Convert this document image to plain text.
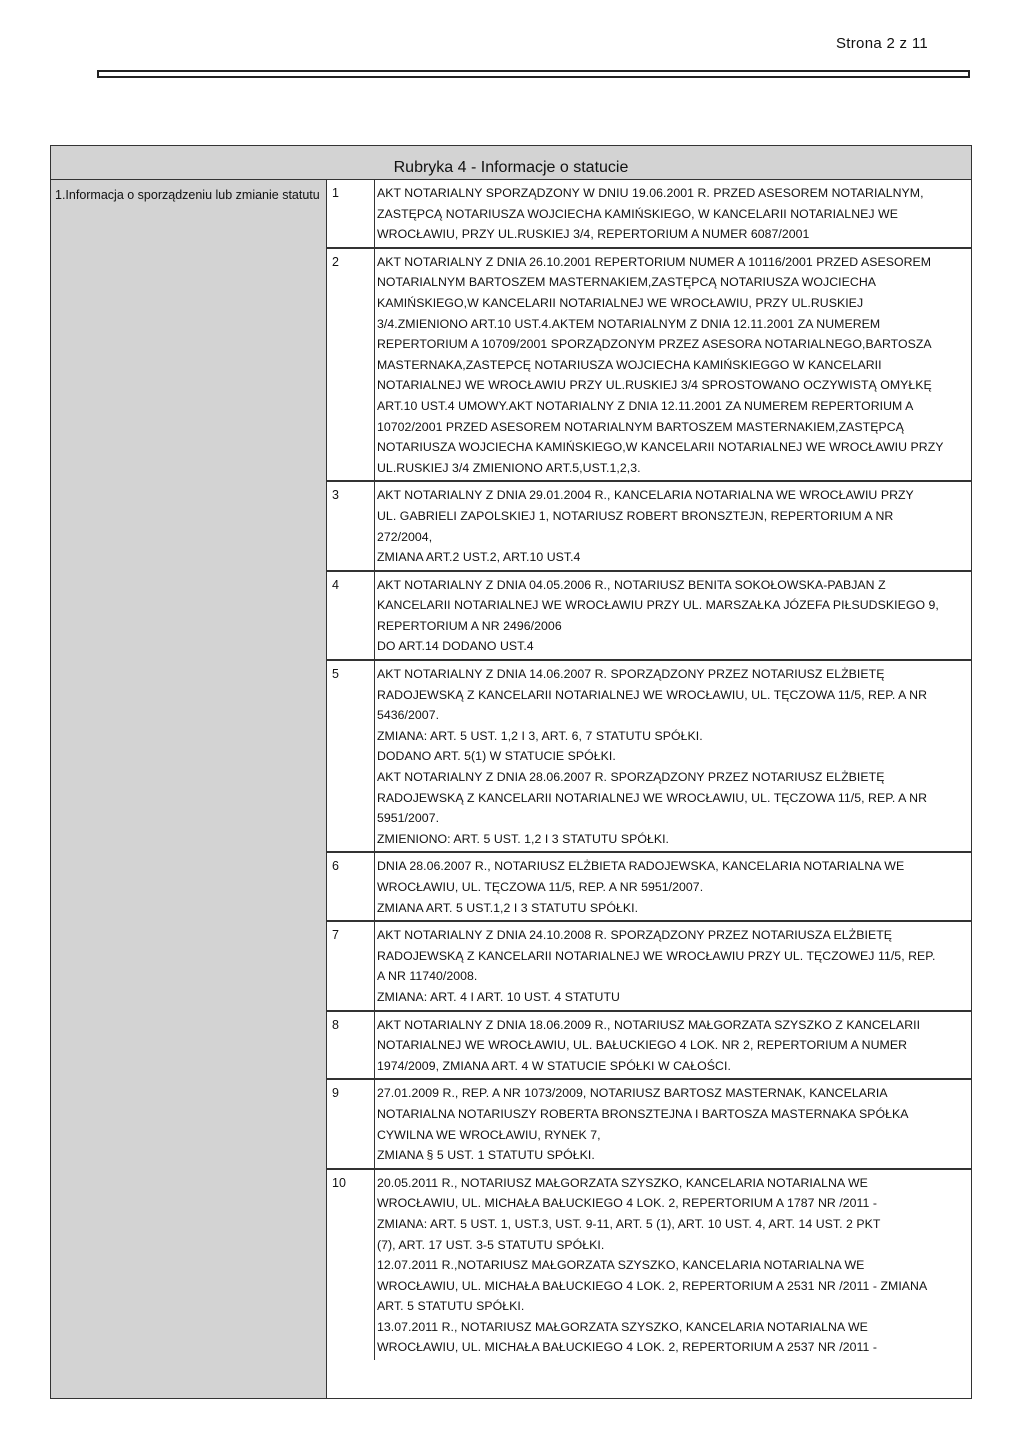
Strona 2 z 11
Rubryka 4 - Informacje o statucie
1.Informacja o sporządzeniu lub zmianie statutu 1	AKT NOTARIALNY SPORZĄDZONY W DNIU 19.06.2001 R. PRZED ASESOREM NOTARIALNYM,
ZASTĘPCĄ NOTARIUSZA WOJCIECHA KAMIŃSKIEGO, W KANCELARII NOTARIALNEJ WE
WROCŁAWIU, PRZY UL.RUSKIEJ 3/4, REPERTORIUM A NUMER 6087/2001
2	AKT NOTARIALNY Z DNIA 26.10.2001 REPERTORIUM NUMER A 10116/2001 PRZED ASESOREM
NOTARIALNYM BARTOSZEM MASTERNAKIEM,ZASTĘPCĄ NOTARIUSZA WOJCIECHA
KAMIŃSKIEGO,W KANCELARII NOTARIALNEJ WE WROCŁAWIU, PRZY UL.RUSKIEJ
3/4.ZMIENIONO ART.10 UST.4.AKTEM NOTARIALNYM Z DNIA 12.11.2001 ZA NUMEREM
REPERTORIUM A 10709/2001 SPORZĄDZONYM PRZEZ ASESORA NOTARIALNEGO,BARTOSZA
MASTERNAKA,ZASTEPCĘ NOTARIUSZA WOJCIECHA KAMIŃSKIEGGO W KANCELARII
NOTARIALNEJ WE WROCŁAWIU PRZY UL.RUSKIEJ 3/4 SPROSTOWANO OCZYWISTĄ OMYŁKĘ
ART.10 UST.4 UMOWY.AKT NOTARIALNY Z DNIA 12.11.2001 ZA NUMEREM REPERTORIUM A
10702/2001 PRZED ASESOREM NOTARIALNYM BARTOSZEM MASTERNAKIEM,ZASTĘPCĄ
NOTARIUSZA WOJCIECHA KAMIŃSKIEGO,W KANCELARII NOTARIALNEJ WE WROCŁAWIU PRZY
UL.RUSKIEJ 3/4 ZMIENIONO ART.5,UST.1,2,3.
3	AKT NOTARIALNY Z DNIA 29.01.2004 R., KANCELARIA NOTARIALNA WE WROCŁAWIU PRZY
UL. GABRIELI ZAPOLSKIEJ 1, NOTARIUSZ ROBERT BRONSZTEJN, REPERTORIUM A NR
272/2004,
ZMIANA ART.2 UST.2, ART.10 UST.4
4	AKT NOTARIALNY Z DNIA 04.05.2006 R., NOTARIUSZ BENITA SOKOŁOWSKA-PABJAN Z
KANCELARII NOTARIALNEJ WE WROCŁAWIU PRZY UL. MARSZAŁKA JÓZEFA PIŁSUDSKIEGO 9,
REPERTORIUM A NR 2496/2006
DO ART.14 DODANO UST.4
5	AKT NOTARIALNY Z DNIA 14.06.2007 R. SPORZĄDZONY PRZEZ NOTARIUSZ ELŻBIETĘ
RADOJEWSKĄ Z KANCELARII NOTARIALNEJ WE WROCŁAWIU, UL. TĘCZOWA 11/5, REP. A NR
5436/2007.
ZMIANA: ART. 5 UST. 1,2 I 3, ART. 6, 7 STATUTU SPÓŁKI.
DODANO ART. 5(1) W STATUCIE SPÓŁKI.
AKT NOTARIALNY Z DNIA 28.06.2007 R. SPORZĄDZONY PRZEZ NOTARIUSZ ELŻBIETĘ
RADOJEWSKĄ Z KANCELARII NOTARIALNEJ WE WROCŁAWIU, UL. TĘCZOWA 11/5, REP. A NR
5951/2007.
ZMIENIONO: ART. 5 UST. 1,2 I 3 STATUTU SPÓŁKI.
6	DNIA 28.06.2007 R., NOTARIUSZ ELŻBIETA RADOJEWSKA, KANCELARIA NOTARIALNA WE
WROCŁAWIU, UL. TĘCZOWA 11/5, REP. A NR 5951/2007.
ZMIANA ART. 5 UST.1,2 I 3 STATUTU SPÓŁKI.
7	AKT NOTARIALNY Z DNIA 24.10.2008 R. SPORZĄDZONY PRZEZ NOTARIUSZA ELŻBIETĘ
RADOJEWSKĄ Z KANCELARII NOTARIALNEJ WE WROCŁAWIU PRZY UL. TĘCZOWEJ 11/5, REP.
A NR 11740/2008.
ZMIANA: ART. 4 I ART. 10 UST. 4 STATUTU
8	AKT NOTARIALNY Z DNIA 18.06.2009 R., NOTARIUSZ MAŁGORZATA SZYSZKO Z KANCELARII
NOTARIALNEJ WE WROCŁAWIU, UL. BAŁUCKIEGO 4 LOK. NR 2, REPERTORIUM A NUMER
1974/2009, ZMIANA ART. 4 W STATUCIE SPÓŁKI W CAŁOŚCI.
9	27.01.2009 R., REP. A NR 1073/2009, NOTARIUSZ BARTOSZ MASTERNAK, KANCELARIA
NOTARIALNA NOTARIUSZY ROBERTA BRONSZTEJNA I BARTOSZA MASTERNAKA SPÓŁKA
CYWILNA WE WROCŁAWIU, RYNEK 7,
ZMIANA § 5 UST. 1 STATUTU SPÓŁKI.
10	20.05.2011 R., NOTARIUSZ MAŁGORZATA SZYSZKO, KANCELARIA NOTARIALNA WE
WROCŁAWIU, UL. MICHAŁA BAŁUCKIEGO 4 LOK. 2, REPERTORIUM A 1787 NR /2011 -
ZMIANA: ART. 5 UST. 1, UST.3, UST. 9-11, ART. 5 (1), ART. 10 UST. 4, ART. 14 UST. 2 PKT
(7), ART. 17 UST. 3-5 STATUTU SPÓŁKI.
12.07.2011 R.,NOTARIUSZ MAŁGORZATA SZYSZKO, KANCELARIA NOTARIALNA WE
WROCŁAWIU, UL. MICHAŁA BAŁUCKIEGO 4 LOK. 2, REPERTORIUM A 2531 NR /2011 - ZMIANA
ART. 5 STATUTU SPÓŁKI.
13.07.2011 R., NOTARIUSZ MAŁGORZATA SZYSZKO, KANCELARIA NOTARIALNA WE
WROCŁAWIU, UL. MICHAŁA BAŁUCKIEGO 4 LOK. 2, REPERTORIUM A 2537 NR /2011 -
